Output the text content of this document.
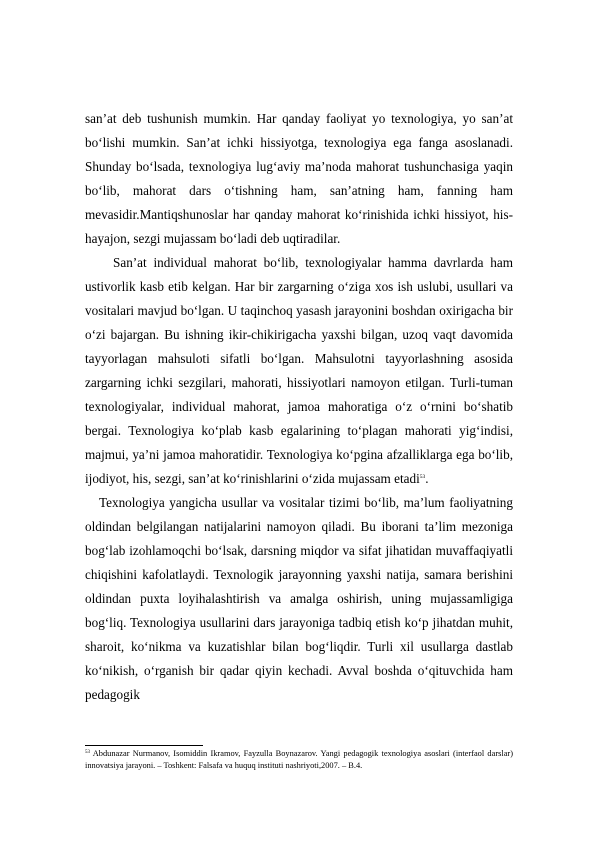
san’at deb tushunish mumkin. Har qanday faoliyat yo texnologiya, yo san’at bo‘lishi mumkin. San’at ichki hissiyotga, texnologiya ega fanga asoslanadi. Shunday bo‘lsada, texnologiya lug‘aviy ma’noda mahorat tushunchasiga yaqin bo‘lib, mahorat dars o‘tishning ham, san’atning ham, fanning ham mevasidir.Mantiqshunoslar har qanday mahorat ko‘rinishida ichki hissiyot, his-hayajon, sezgi mujassam bo‘ladi deb uqtiradilar.

San’at individual mahorat bo‘lib, texnologiyalar hamma davrlarda ham ustivorlik kasb etib kelgan. Har bir zargarning o‘ziga xos ish uslubi, usullari va vositalari mavjud bo‘lgan. U taqinchoq yasash jarayonini boshdan oxirigacha bir o‘zi bajargan. Bu ishning ikir-chikirigacha yaxshi bilgan, uzoq vaqt davomida tayyorlagan mahsuloti sifatli bo‘lgan. Mahsulotni tayyorlashning asosida zargarning ichki sezgilari, mahorati, hissiyotlari namoyon etilgan. Turli-tuman texnologiyalar, individual mahorat, jamoa mahoratiga o‘z o‘rnini bo‘shatib bergai. Texnologiya ko‘plab kasb egalarining to‘plagan mahorati yig‘indisi, majmui, ya’ni jamoa mahoratidir. Texnologiya ko‘pgina afzalliklarga ega bo‘lib, ijodiyot, his, sezgi, san’at ko‘rinishlarini o‘zida mujassam etadi$^{53}$.

Texnologiya yangicha usullar va vositalar tizimi bo‘lib, ma’lum faoliyatning oldindan belgilangan natijalarini namoyon qiladi. Bu iborani ta’lim mezoniga bog‘lab izohlamoqchi bo‘lsak, darsning miqdor va sifat jihatidan muvaffaqiyatli chiqishini kafolatlaydi. Texnologik jarayonning yaxshi natija, samara berishini oldindan puxta loyihalashtirish va amalga oshirish, uning mujassamligiga bog‘liq. Texnologiya usullarini dars jarayoniga tadbiq etish ko‘p jihatdan muhit, sharoit, ko‘nikma va kuzatishlar bilan bog‘liqdir. Turli xil usullarga dastlab ko‘nikish, o‘rganish bir qadar qiyin kechadi. Avval boshda o‘qituvchida ham pedagogik

$^{53}$ Abdunazar Nurmanov, Isomiddin Ikramov, Fayzulla Boynazarov. Yangi pedagogik texnologiya asoslari (interfaol darslar) innovatsiya jarayoni. – Toshkent: Falsafa va huquq instituti nashriyoti,2007. – B.4.
